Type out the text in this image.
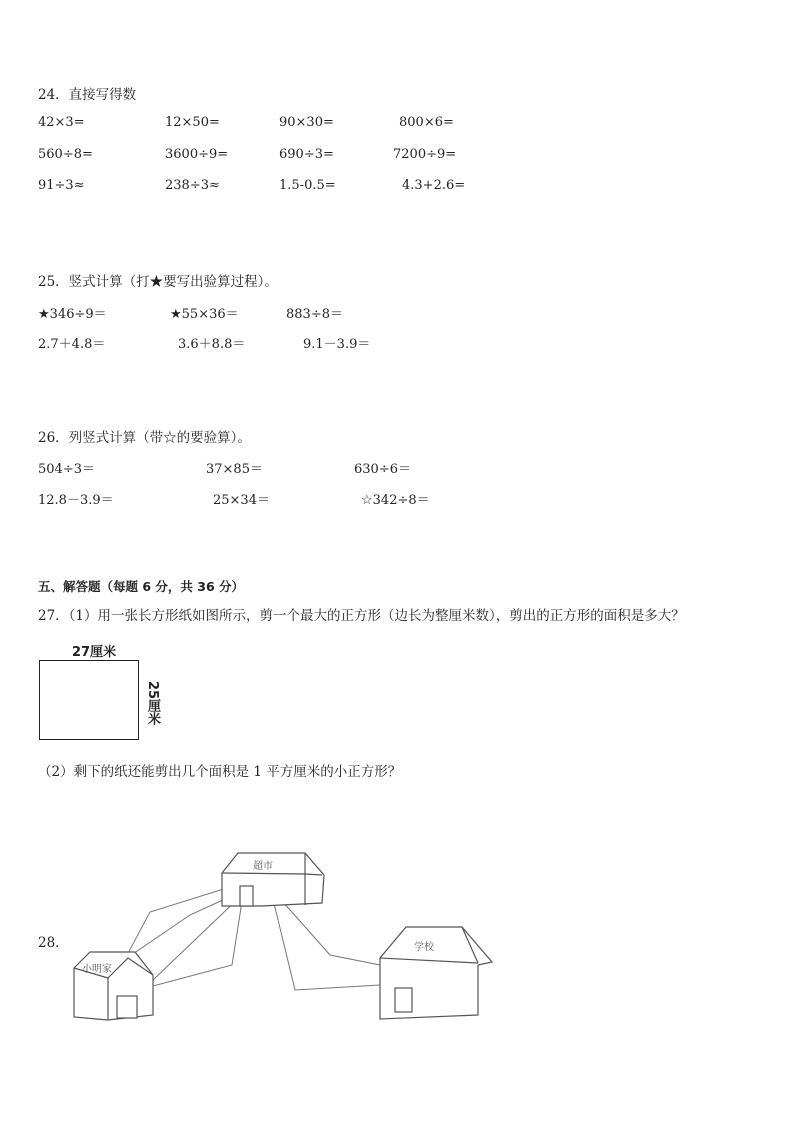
24．直接写得数
42×3=	12×50=	90×30=	800×6=
560÷8=	3600÷9=	690÷3=	7200÷9=
91÷3≈	238÷3≈	1.5-0.5=	4.3+2.6=
25．竖式计算（打★要写出验算过程）。
★346÷9＝	★55×36＝	883÷8＝
2.7＋4.8＝	3.6＋8.8＝	9.1－3.9＝
26．列竖式计算（带☆的要验算）。
504÷3＝	37×85＝	630÷6＝
12.8－3.9＝	25×34＝	☆342÷8＝
五、解答题（每题 6 分，共 36 分）
27．（1）用一张长方形纸如图所示，剪一个最大的正方形（边长为整厘米数），剪出的正方形的面积是多大？
27厘米
25厘米
（2）剩下的纸还能剪出几个面积是 1 平方厘米的小正方形？
28．
超市
小明家
学校
